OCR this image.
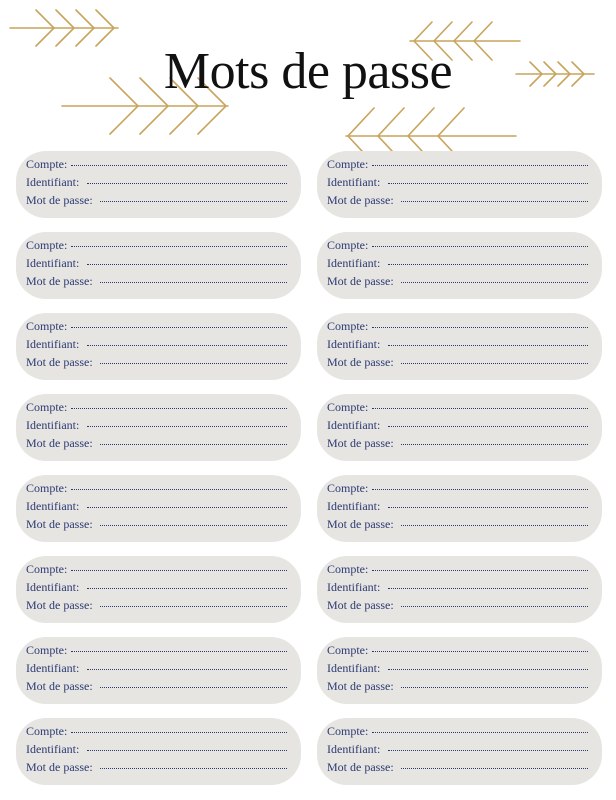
Mots de passe
Compte:
Identifiant:
Mot de passe:
Compte:
Identifiant:
Mot de passe:
Compte:
Identifiant:
Mot de passe:
Compte:
Identifiant:
Mot de passe:
Compte:
Identifiant:
Mot de passe:
Compte:
Identifiant:
Mot de passe:
Compte:
Identifiant:
Mot de passe:
Compte:
Identifiant:
Mot de passe:
Compte:
Identifiant:
Mot de passe:
Compte:
Identifiant:
Mot de passe:
Compte:
Identifiant:
Mot de passe:
Compte:
Identifiant:
Mot de passe:
Compte:
Identifiant:
Mot de passe:
Compte:
Identifiant:
Mot de passe:
Compte:
Identifiant:
Mot de passe:
Compte:
Identifiant:
Mot de passe:
